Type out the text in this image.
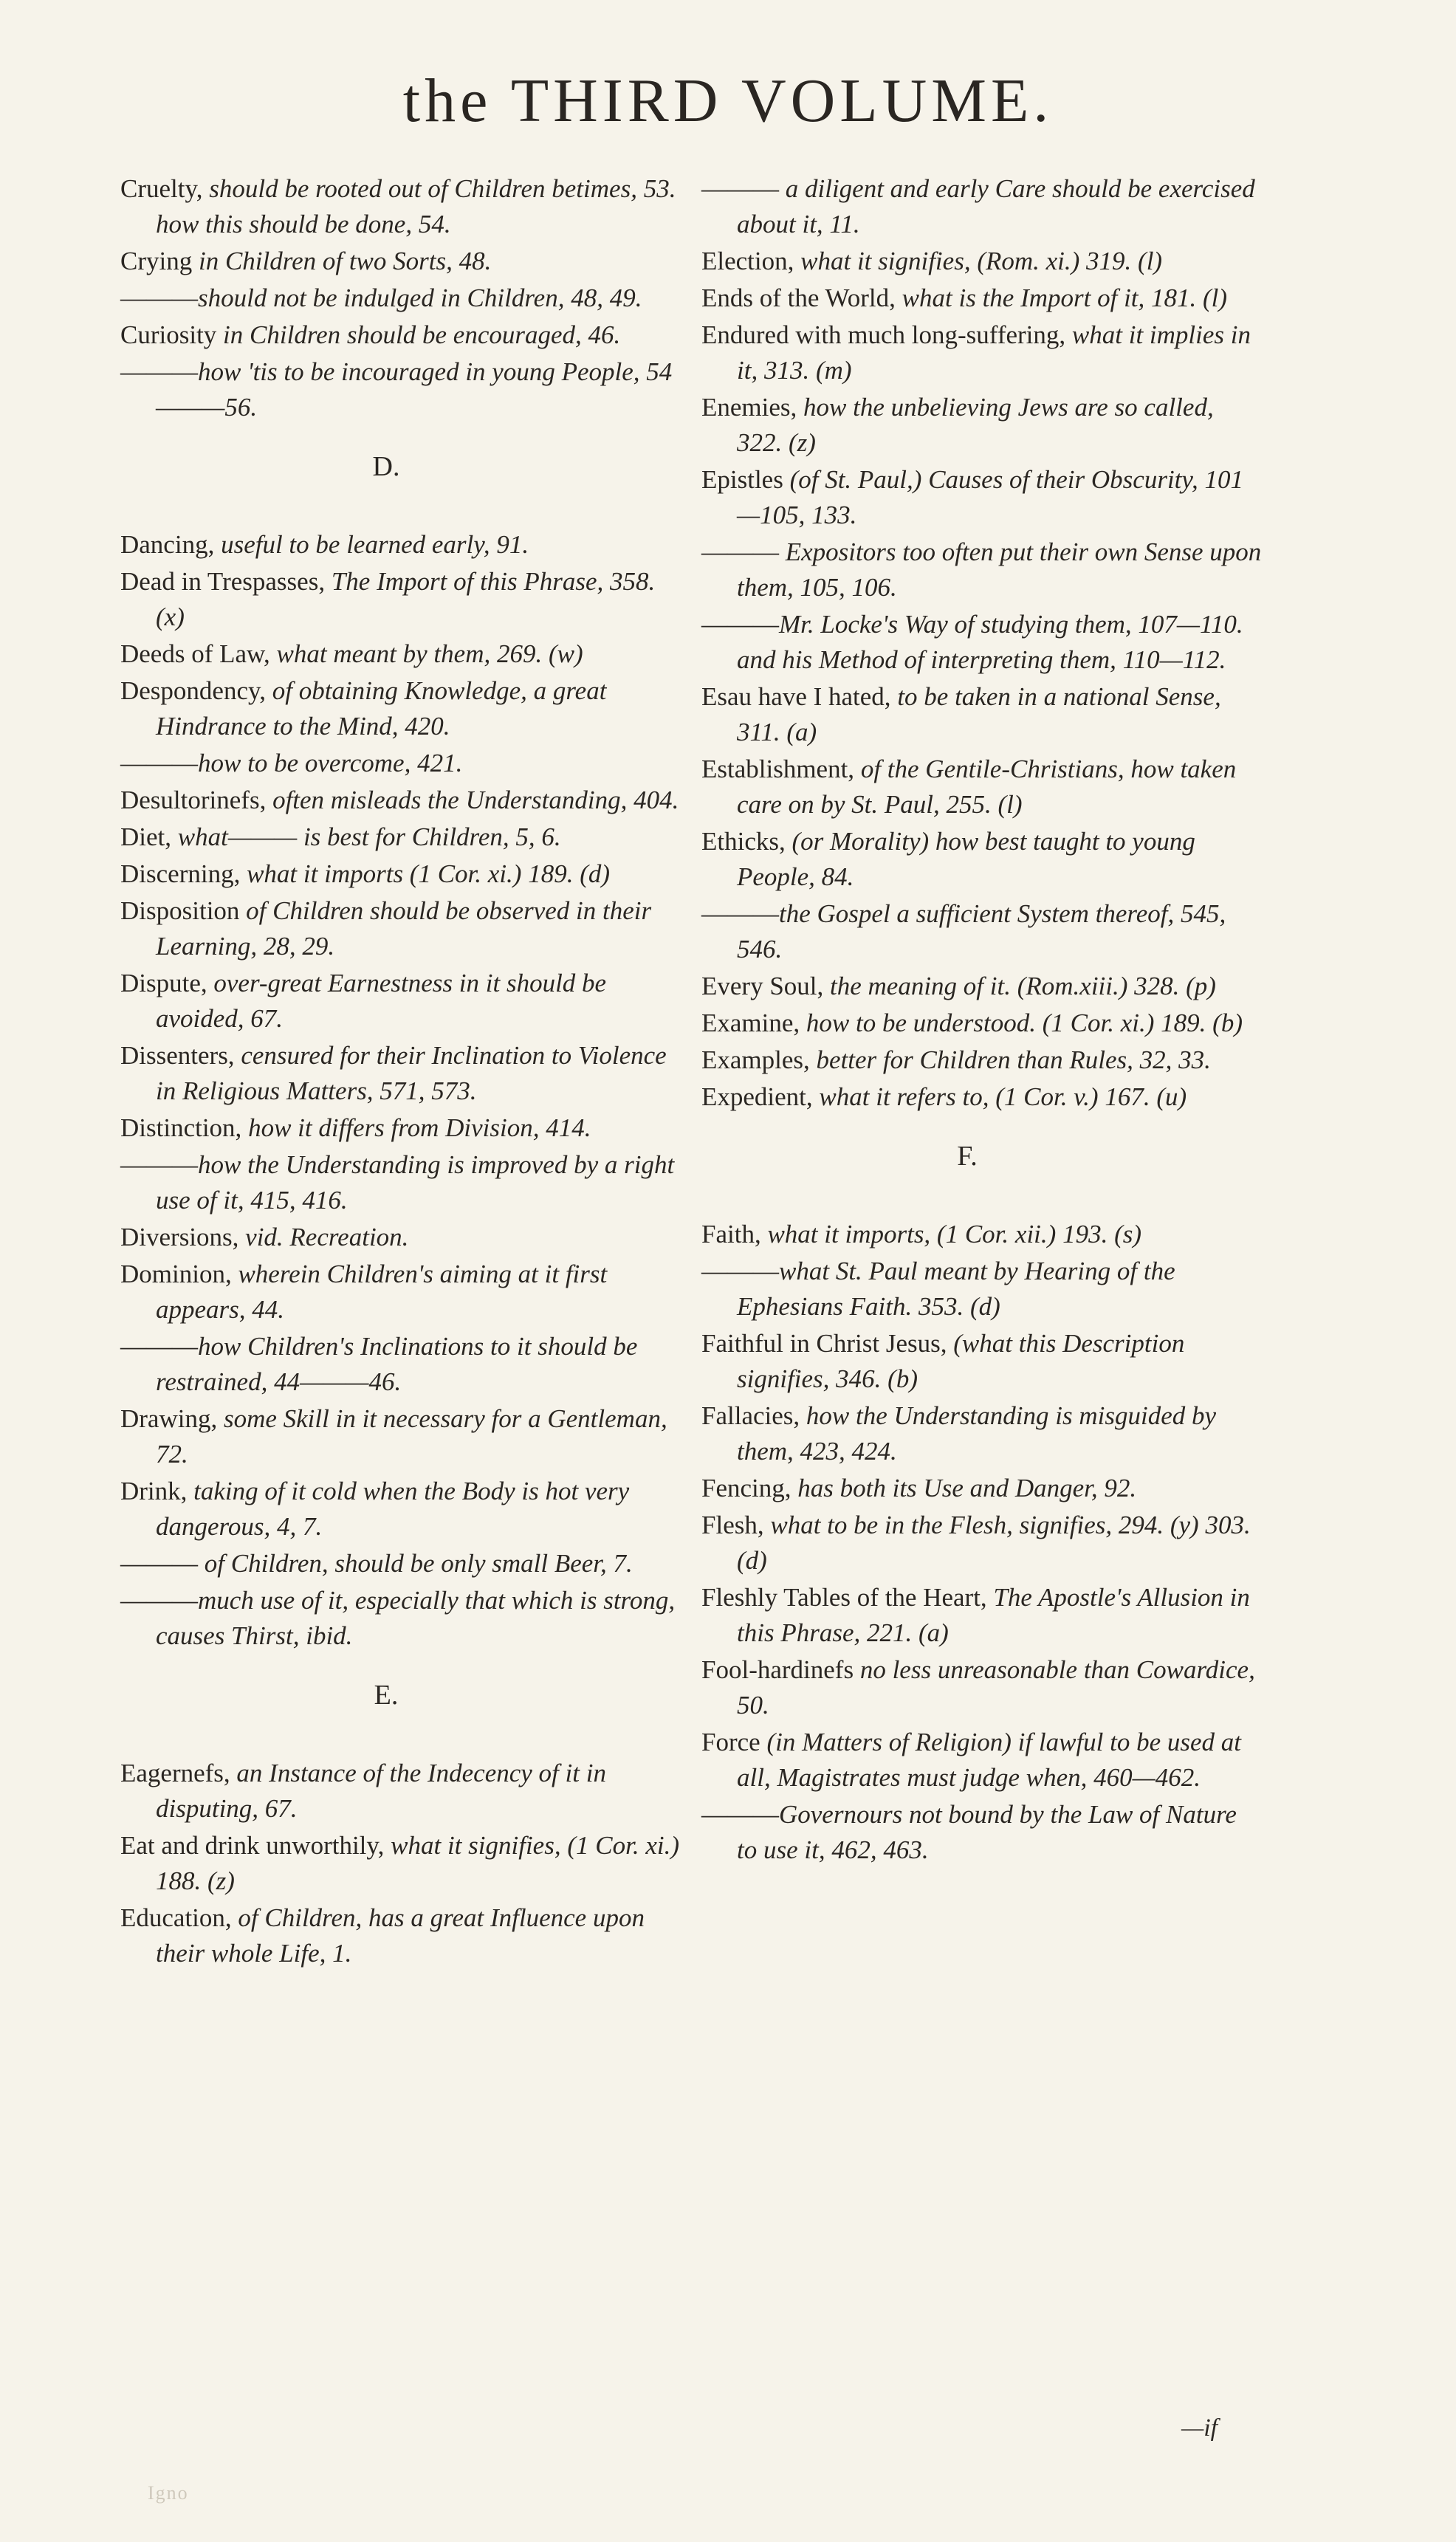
the THIRD VOLUME.
Cruelty, should be rooted out of Children betimes, 53. how this should be done, 54.
Crying in Children of two Sorts, 48.
———should not be indulged in Children, 48, 49.
Curiosity in Children should be encouraged, 46.
———how 'tis to be incouraged in young People, 54———56.
D.
Dancing, useful to be learned early, 91.
Dead in Trespasses, The Import of this Phrase, 358. (x)
Deeds of Law, what meant by them, 269. (w)
Despondency, of obtaining Knowledge, a great Hindrance to the Mind, 420.
———how to be overcome, 421.
Desultorinefs, often misleads the Understanding, 404.
Diet, what——— is best for Children, 5, 6.
Discerning, what it imports (1 Cor. xi.) 189. (d)
Disposition of Children should be observed in their Learning, 28, 29.
Dispute, over-great Earnestness in it should be avoided, 67.
Dissenters, censured for their Inclination to Violence in Religious Matters, 571, 573.
Distinction, how it differs from Division, 414.
———how the Understanding is improved by a right use of it, 415, 416.
Diversions, vid. Recreation.
Dominion, wherein Children's aiming at it first appears, 44.
———how Children's Inclinations to it should be restrained, 44———46.
Drawing, some Skill in it necessary for a Gentleman, 72.
Drink, taking of it cold when the Body is hot very dangerous, 4, 7.
——— of Children, should be only small Beer, 7.
———much use of it, especially that which is strong, causes Thirst, ibid.
E.
Eagernefs, an Instance of the Indecency of it in disputing, 67.
Eat and drink unworthily, what it signifies, (1 Cor. xi.) 188. (z)
Education, of Children, has a great Influence upon their whole Life, 1.
——— a diligent and early Care should be exercised about it, 11.
Election, what it signifies, (Rom. xi.) 319. (l)
Ends of the World, what is the Import of it, 181. (l)
Endured with much long-suffering, what it implies in it, 313. (m)
Enemies, how the unbelieving Jews are so called, 322. (z)
Epistles (of St. Paul,) Causes of their Obscurity, 101—105, 133.
——— Expositors too often put their own Sense upon them, 105, 106.
———Mr. Locke's Way of studying them, 107—110. and his Method of interpreting them, 110—112.
Esau have I hated, to be taken in a national Sense, 311. (a)
Establishment, of the Gentile-Christians, how taken care on by St. Paul, 255. (l)
Ethicks, (or Morality) how best taught to young People, 84.
———the Gospel a sufficient System thereof, 545, 546.
Every Soul, the meaning of it. (Rom.xiii.) 328. (p)
Examine, how to be understood. (1 Cor. xi.) 189. (b)
Examples, better for Children than Rules, 32, 33.
Expedient, what it refers to, (1 Cor. v.) 167. (u)
F.
Faith, what it imports, (1 Cor. xii.) 193. (s)
———what St. Paul meant by Hearing of the Ephesians Faith. 353. (d)
Faithful in Christ Jesus, (what this Description signifies, 346. (b)
Fallacies, how the Understanding is misguided by them, 423, 424.
Fencing, has both its Use and Danger, 92.
Flesh, what to be in the Flesh, signifies, 294. (y) 303. (d)
Fleshly Tables of the Heart, The Apostle's Allusion in this Phrase, 221. (a)
Fool-hardinefs no less unreasonable than Cowardice, 50.
Force (in Matters of Religion) if lawful to be used at all, Magistrates must judge when, 460—462.
———Governours not bound by the Law of Nature to use it, 462, 463.
—if
Igno
